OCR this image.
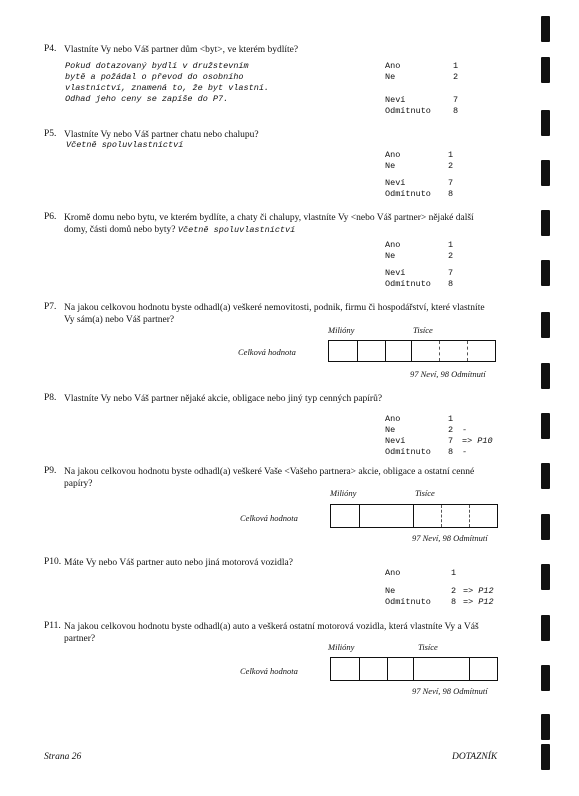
P4. Vlastníte Vy nebo Váš partner dům <byt>, ve kterém bydlíte?
Pokud dotazovaný bydlí v družstevním
bytě a požádal o převod do osobního
vlastnictví, znamená to, že byt vlastní.
Odhad jeho ceny se zapíše do P7.
Ano	1
Ne	2
Neví	7
Odmítnuto	8
P5. Vlastníte Vy nebo Váš partner chatu nebo chalupu?
Včetně spoluvlastnictví
Ano	1
Ne	2
Neví	7
Odmítnuto 8
P6. Kromě domu nebo bytu, ve kterém bydlíte, a chaty či chalupy, vlastníte Vy <nebo Váš partner> nějaké další
domy, části domů nebo byty? Včetně spoluvlastnictví
Ano	1
Ne	2
Neví	7
Odmítnuto 8
P7. Na jakou celkovou hodnotu byste odhadl(a) veškeré nemovitosti, podnik, firmu či hospodářství, které vlastníte
Vy sám(a) nebo Váš partner?
Milióny	Tisíce
Celková hodnota
97 Neví, 98 Odmítnutí
P8. Vlastníte Vy nebo Váš partner nějaké akcie, obligace nebo jiný typ cenných papírů?
Ano	1
Ne	2 -
Neví	7 => P10
Odmítnuto 8 -
P9. Na jakou celkovou hodnotu byste odhadl(a) veškeré Vaše <Vašeho partnera> akcie, obligace a ostatní cenné
papíry?
Milióny	Tisíce
Celková hodnota
97 Neví, 98 Odmítnutí
P10. Máte Vy nebo Váš partner auto nebo jiná motorová vozidla?
Ano	1
Ne	2 => P12
Odmítnuto 8 => P12
P11. Na jakou celkovou hodnotu byste odhadl(a) auto a veškerá ostatní motorová vozidla, která vlastníte Vy a Váš
partner?
Milióny	Tisíce
Celková hodnota
97 Neví, 98 Odmítnutí
Strana 26	DOTAZNÍK
